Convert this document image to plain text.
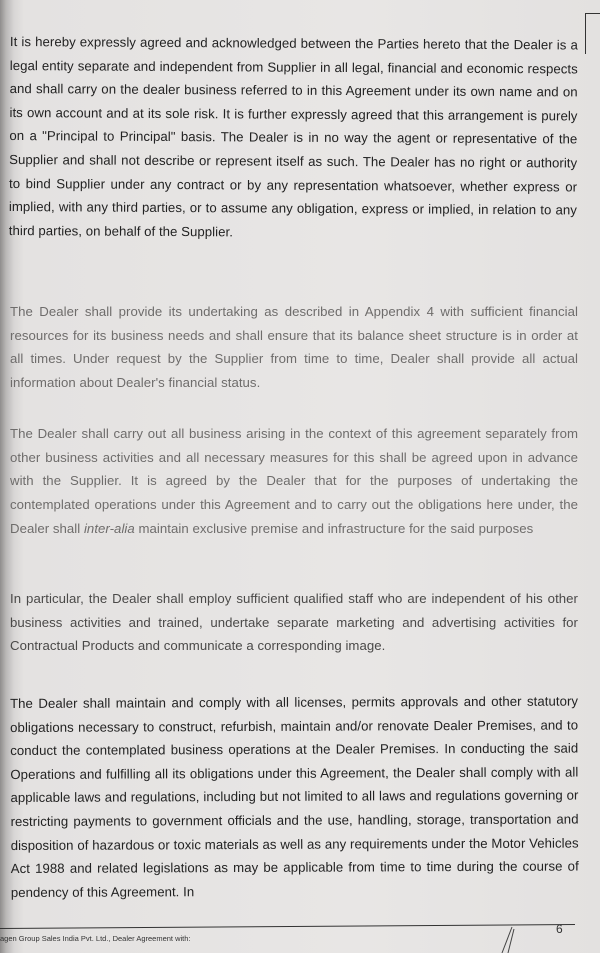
It is hereby expressly agreed and acknowledged between the Parties hereto that the Dealer is a legal entity separate and independent from Supplier in all legal, financial and economic respects and shall carry on the dealer business referred to in this Agreement under its own name and on its own account and at its sole risk. It is further expressly agreed that this arrangement is purely on a "Principal to Principal" basis. The Dealer is in no way the agent or representative of the Supplier and shall not describe or represent itself as such. The Dealer has no right or authority to bind Supplier under any contract or by any representation whatsoever, whether express or implied, with any third parties, or to assume any obligation, express or implied, in relation to any third parties, on behalf of the Supplier.

The Dealer shall provide its undertaking as described in Appendix 4 with sufficient financial resources for its business needs and shall ensure that its balance sheet structure is in order at all times. Under request by the Supplier from time to time, Dealer shall provide all actual information about Dealer's financial status.

The Dealer shall carry out all business arising in the context of this agreement separately from other business activities and all necessary measures for this shall be agreed upon in advance with the Supplier. It is agreed by the Dealer that for the purposes of undertaking the contemplated operations under this Agreement and to carry out the obligations here under, the Dealer shall inter-alia maintain exclusive premise and infrastructure for the said purposes

In particular, the Dealer shall employ sufficient qualified staff who are independent of his other business activities and trained, undertake separate marketing and advertising activities for Contractual Products and communicate a corresponding image.

The Dealer shall maintain and comply with all licenses, permits approvals and other statutory obligations necessary to construct, refurbish, maintain and/or renovate Dealer Premises, and to conduct the contemplated business operations at the Dealer Premises. In conducting the said Operations and fulfilling all its obligations under this Agreement, the Dealer shall comply with all applicable laws and regulations, including but not limited to all laws and regulations governing or restricting payments to government officials and the use, handling, storage, transportation and disposition of hazardous or toxic materials as well as any requirements under the Motor Vehicles Act 1988 and related legislations as may be applicable from time to time during the course of pendency of this Agreement. In

agen Group Sales India Pvt. Ltd., Dealer Agreement with:
6
